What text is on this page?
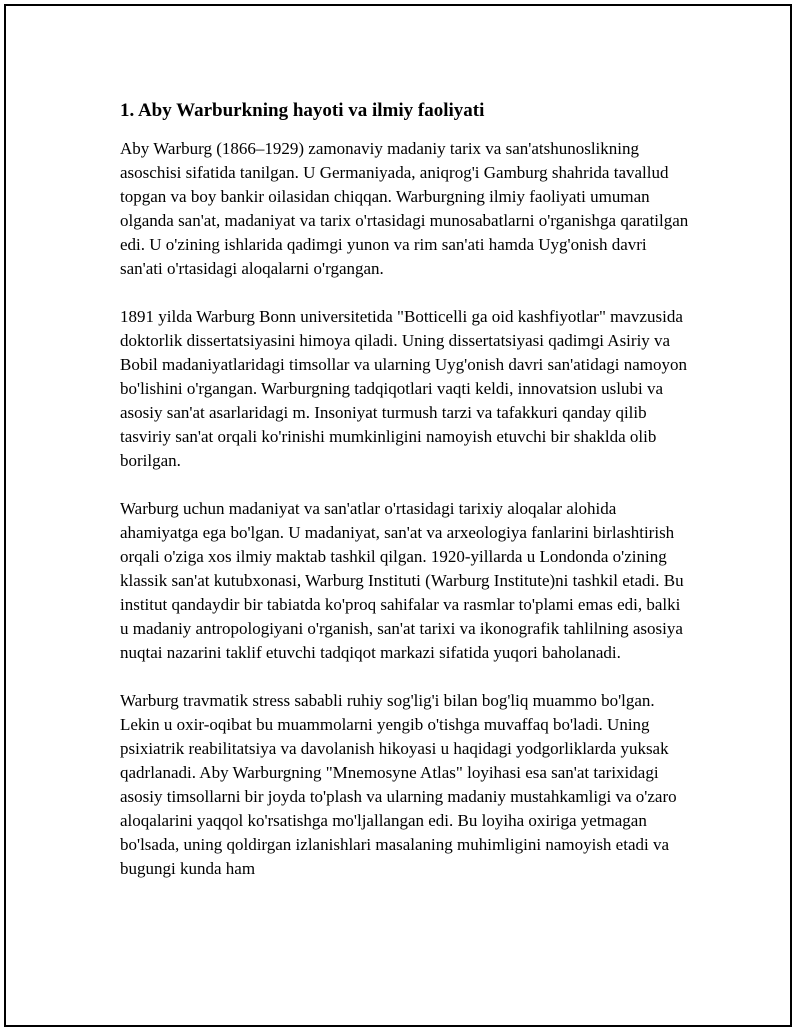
1. Aby Warburkning hayoti va ilmiy faoliyati

Aby Warburg (1866–1929) zamonaviy madaniy tarix va san'atshunoslikning asoschisi sifatida tanilgan. U Germaniyada, aniqrog'i Gamburg shahrida tavallud topgan va boy bankir oilasidan chiqqan. Warburgning ilmiy faoliyati umuman olganda san'at, madaniyat va tarix o'rtasidagi munosabatlarni o'rganishga qaratilgan edi. U o'zining ishlarida qadimgi yunon va rim san'ati hamda Uyg'onish davri san'ati o'rtasidagi aloqalarni o'rgangan.

1891 yilda Warburg Bonn universitetida "Botticelli ga oid kashfiyotlar" mavzusida doktorlik dissertatsiyasini himoya qiladi. Uning dissertatsiyasi qadimgi Asiriy va Bobil madaniyatlaridagi timsollar va ularning Uyg'onish davri san'atidagi namoyon bo'lishini o'rgangan. Warburgning tadqiqotlari vaqti keldi, innovatsion uslubi va asosiy san'at asarlaridagi m. Insoniyat turmush tarzi va tafakkuri qanday qilib tasviriy san'at orqali ko'rinishi mumkinligini namoyish etuvchi bir shaklda olib borilgan.

Warburg uchun madaniyat va san'atlar o'rtasidagi tarixiy aloqalar alohida ahamiyatga ega bo'lgan. U madaniyat, san'at va arxeologiya fanlarini birlashtirish orqali o'ziga xos ilmiy maktab tashkil qilgan. 1920-yillarda u Londonda o'zining klassik san'at kutubxonasi, Warburg Instituti (Warburg Institute)ni tashkil etadi. Bu institut qandaydir bir tabiatda ko'proq sahifalar va rasmlar to'plami emas edi, balki u madaniy antropologiyani o'rganish, san'at tarixi va ikonografik tahlilning asosiya nuqtai nazarini taklif etuvchi tadqiqot markazi sifatida yuqori baholanadi.

Warburg travmatik stress sababli ruhiy sog'lig'i bilan bog'liq muammo bo'lgan. Lekin u oxir-oqibat bu muammolarni yengib o'tishga muvaffaq bo'ladi. Uning psixiatrik reabilitatsiya va davolanish hikoyasi u haqidagi yodgorliklarda yuksak qadrlanadi. Aby Warburgning "Mnemosyne Atlas" loyihasi esa san'at tarixidagi asosiy timsollarni bir joyda to'plash va ularning madaniy mustahkamligi va o'zaro aloqalarini yaqqol ko'rsatishga mo'ljallangan edi. Bu loyiha oxiriga yetmagan bo'lsada, uning qoldirgan izlanishlari masalaning muhimligini namoyish etadi va bugungi kunda ham
